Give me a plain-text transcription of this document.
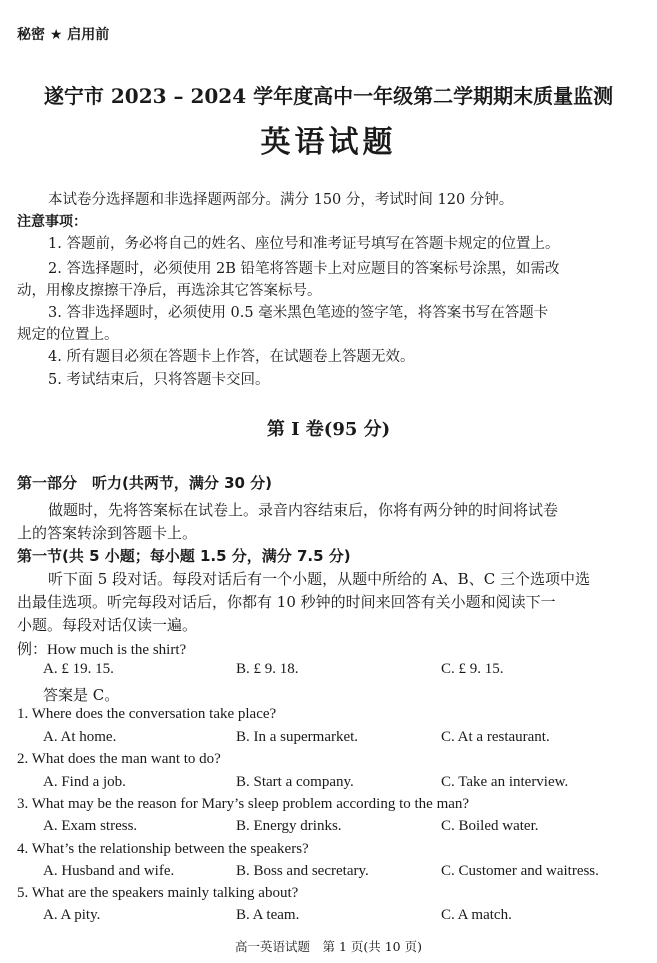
秘密 ★ 启用前
遂宁市 2023 – 2024 学年度高中一年级第二学期期末质量监测
英语试题
本试卷分选择题和非选择题两部分。满分 150 分，考试时间 120 分钟。
注意事项：
1. 答题前，务必将自己的姓名、座位号和准考证号填写在答题卡规定的位置上。
2. 答选择题时，必须使用 2B 铅笔将答题卡上对应题目的答案标号涂黑，如需改
动，用橡皮擦擦干净后，再选涂其它答案标号。
3. 答非选择题时，必须使用 0.5 毫米黑色笔迹的签字笔，将答案书写在答题卡
规定的位置上。
4. 所有题目必须在答题卡上作答，在试题卷上答题无效。
5. 考试结束后，只将答题卡交回。
第 I 卷(95 分)
第一部分　听力(共两节，满分 30 分)
做题时，先将答案标在试卷上。录音内容结束后，你将有两分钟的时间将试卷
上的答案转涂到答题卡上。
第一节(共 5 小题；每小题 1.5 分，满分 7.5 分)
听下面 5 段对话。每段对话后有一个小题，从题中所给的 A、B、C 三个选项中选
出最佳选项。听完每段对话后，你都有 10 秒钟的时间来回答有关小题和阅读下一
小题。每段对话仅读一遍。
例：How much is the shirt?
A. £ 19. 15.	B. £ 9. 18.	C. £ 9. 15.
答案是 C。
1. Where does the conversation take place?
A. At home.	B. In a supermarket.	C. At a restaurant.
2. What does the man want to do?
A. Find a job.	B. Start a company.	C. Take an interview.
3. What may be the reason for Mary’s sleep problem according to the man?
A. Exam stress.	B. Energy drinks.	C. Boiled water.
4. What’s the relationship between the speakers?
A. Husband and wife.	B. Boss and secretary.	C. Customer and waitress.
5. What are the speakers mainly talking about?
A. A pity.	B. A team.	C. A match.
高一英语试题　第 1 页(共 10 页)
